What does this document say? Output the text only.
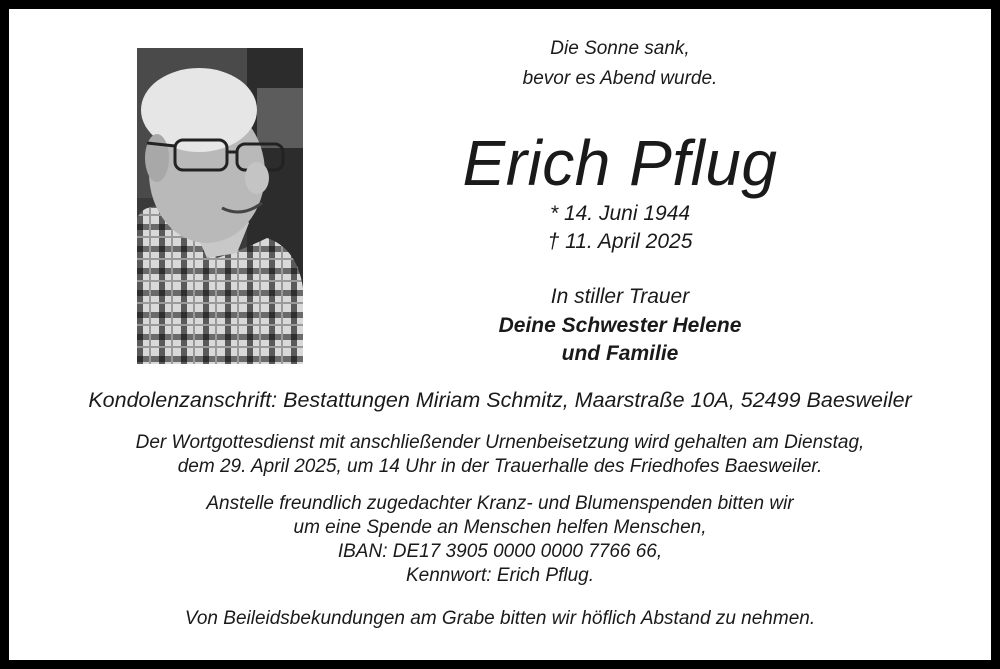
Die Sonne sank,
bevor es Abend wurde.
Erich Pflug
* 14. Juni 1944
† 11. April 2025
In stiller Trauer
Deine Schwester Helene
und Familie
Kondolenzanschrift: Bestattungen Miriam Schmitz, Maarstraße 10A, 52499 Baesweiler
Der Wortgottesdienst mit anschließender Urnenbeisetzung wird gehalten am Dienstag,
dem 29. April 2025, um 14 Uhr in der Trauerhalle des Friedhofes Baesweiler.
Anstelle freundlich zugedachter Kranz- und Blumenspenden bitten wir
um eine Spende an Menschen helfen Menschen,
IBAN: DE17 3905 0000 0000 7766 66,
Kennwort: Erich Pflug.
Von Beileidsbekundungen am Grabe bitten wir höflich Abstand zu nehmen.
